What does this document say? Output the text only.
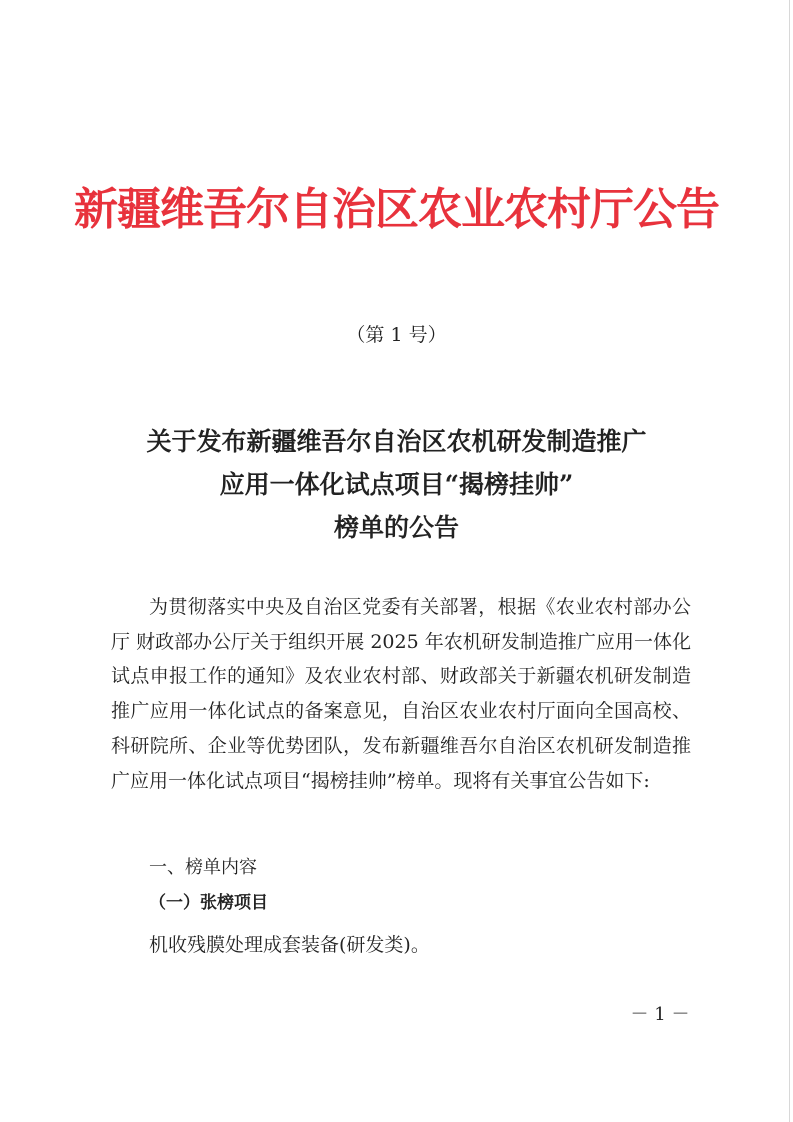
新疆维吾尔自治区农业农村厅公告
（第 1 号）
关于发布新疆维吾尔自治区农机研发制造推广
应用一体化试点项目“揭榜挂帅”
榜单的公告

为贯彻落实中央及自治区党委有关部署，根据《农业农村部办公厅 财政部办公厅关于组织开展 2025 年农机研发制造推广应用一体化试点申报工作的通知》及农业农村部、财政部关于新疆农机研发制造推广应用一体化试点的备案意见，自治区农业农村厅面向全国高校、科研院所、企业等优势团队，发布新疆维吾尔自治区农机研发制造推广应用一体化试点项目“揭榜挂帅”榜单。现将有关事宜公告如下:

一、榜单内容
（一）张榜项目
机收残膜处理成套装备(研发类)。
－ 1 －
